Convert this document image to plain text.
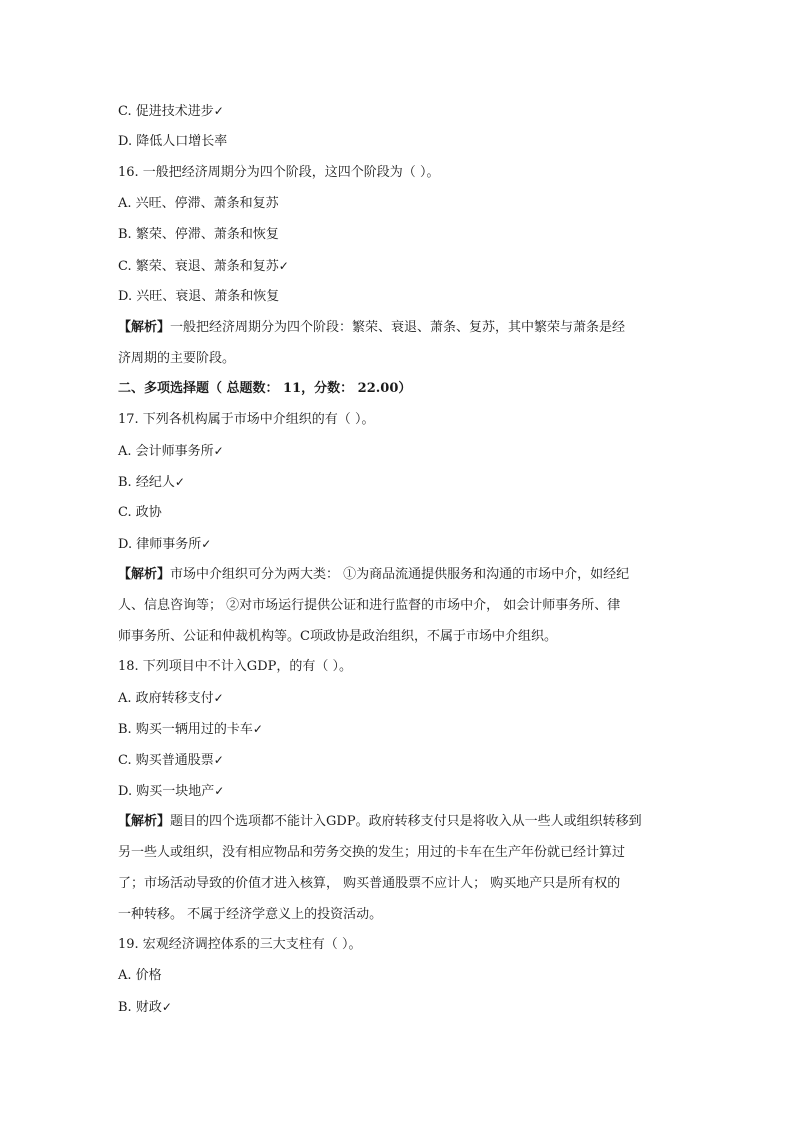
C. 促进技术进步✓
D. 降低人口增长率
16. 一般把经济周期分为四个阶段，这四个阶段为（ ）。
A. 兴旺、停滞、萧条和复苏
B. 繁荣、停滞、萧条和恢复
C. 繁荣、衰退、萧条和复苏✓
D. 兴旺、衰退、萧条和恢复
【解析】一般把经济周期分为四个阶段：繁荣、衰退、萧条、复苏，其中繁荣与萧条是经
济周期的主要阶段。
二、多项选择题（ 总题数： 11，分数： 22.00）
17. 下列各机构属于市场中介组织的有（ ）。
A. 会计师事务所✓
B. 经纪人✓
C. 政协
D. 律师事务所✓
【解析】市场中介组织可分为两大类： ①为商品流通提供服务和沟通的市场中介，如经纪
人、信息咨询等； ②对市场运行提供公证和进行监督的市场中介， 如会计师事务所、律
师事务所、公证和仲裁机构等。C项政协是政治组织，不属于市场中介组织。
18. 下列项目中不计入GDP，的有（ ）。
A. 政府转移支付✓
B. 购买一辆用过的卡车✓
C. 购买普通股票✓
D. 购买一块地产✓
【解析】题目的四个选项都不能计入GDP。政府转移支付只是将收入从一些人或组织转移到
另一些人或组织，没有相应物品和劳务交换的发生；用过的卡车在生产年份就已经计算过
了；市场活动导致的价值才进入核算， 购买普通股票不应计人； 购买地产只是所有权的
一种转移。 不属于经济学意义上的投资活动。
19. 宏观经济调控体系的三大支柱有（ ）。
A. 价格
B. 财政✓
